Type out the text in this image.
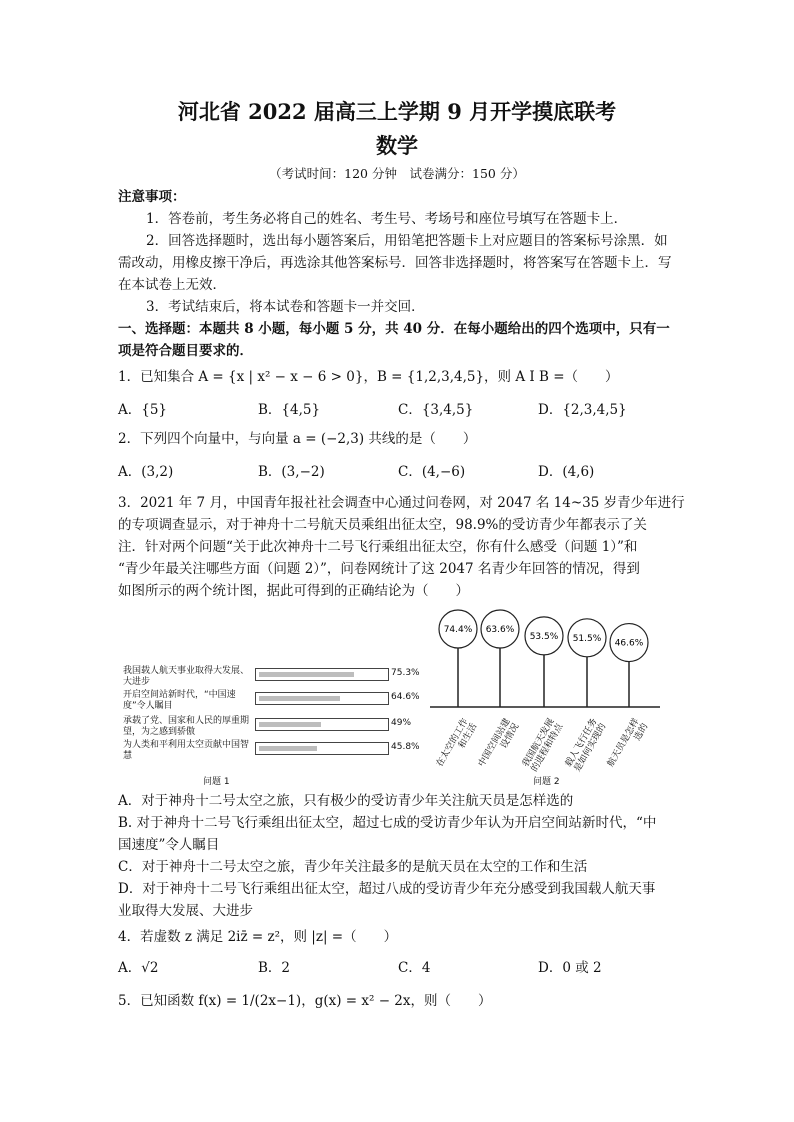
河北省 2022 届高三上学期 9 月开学摸底联考
数学
（考试时间：120 分钟　试卷满分：150 分）
注意事项：
1．答卷前，考生务必将自己的姓名、考生号、考场号和座位号填写在答题卡上．
2．回答选择题时，选出每小题答案后，用铅笔把答题卡上对应题目的答案标号涂黑．如
需改动，用橡皮擦干净后，再选涂其他答案标号．回答非选择题时，将答案写在答题卡上．写
在本试卷上无效．
3．考试结束后，将本试卷和答题卡一并交回．
一、选择题：本题共 8 小题，每小题 5 分，共 40 分．在每小题给出的四个选项中，只有一
项是符合题目要求的．
1．已知集合 A = {x | x² − x − 6 > 0}，B = {1,2,3,4,5}，则 A I B =（　　）
A．{5}	B．{4,5}	C．{3,4,5}	D．{2,3,4,5}
2．下列四个向量中，与向量 a = (−2,3) 共线的是（　　）
A．(3,2)	B．(3,−2)	C．(4,−6)	D．(4,6)
3．2021 年 7 月，中国青年报社社会调查中心通过问卷网，对 2047 名 14~35 岁青少年进行
的专项调查显示，对于神舟十二号航天员乘组出征太空，98.9%的受访青少年都表示了关
注．针对两个问题“关于此次神舟十二号飞行乘组出征太空，你有什么感受（问题 1）”和
“青少年最关注哪些方面（问题 2）”，问卷网统计了这 2047 名青少年回答的情况，得到
如图所示的两个统计图，据此可得到的正确结论为（　　）
我国载人航天事业取得大发展、大进步
75.3%
开启空间站新时代，“中国速度”令人瞩目
64.6%
承载了党、国家和人民的厚重期望，为之感到骄傲
49%
为人类和平利用太空贡献中国智慧
45.8%
问题 1
74.4% 63.6%
53.5% 51.5% 46.6%
在太空的工作和生活
中国空间站建设情况 我国航天发展的进程和特点
载人飞行任务是如何实现的
航天员是怎样选的
问题 2
A．对于神舟十二号太空之旅，只有极少的受访青少年关注航天员是怎样选的
B. 对于神舟十二号飞行乘组出征太空，超过七成的受访青少年认为开启空间站新时代，“中
国速度”令人瞩目
C．对于神舟十二号太空之旅，青少年关注最多的是航天员在太空的工作和生活
D．对于神舟十二号飞行乘组出征太空，超过八成的受访青少年充分感受到我国载人航天事
业取得大发展、大进步
4．若虚数 z 满足 2iz̄ = z²，则 |z| =（　　）
A．√2	B．2	C．4	D．0 或 2
5．已知函数 f(x) = 1/(2x−1)，g(x) = x² − 2x，则（　　）
